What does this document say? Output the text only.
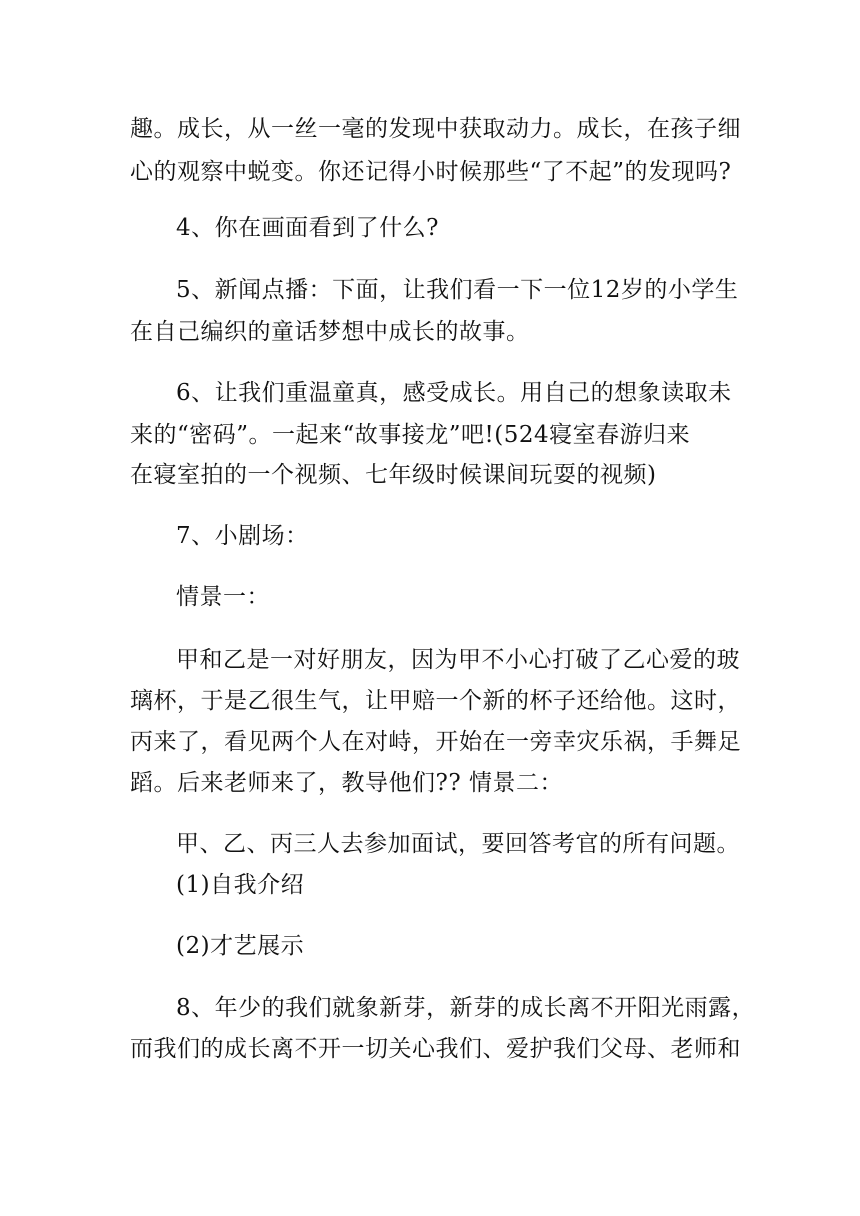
趣。成长，从一丝一毫的发现中获取动力。成长，在孩子细
心的观察中蜕变。你还记得小时候那些“了不起”的发现吗?
4、你在画面看到了什么?
5、新闻点播：下面，让我们看一下一位12岁的小学生
在自己编织的童话梦想中成长的故事。
6、让我们重温童真，感受成长。用自己的想象读取未
来的“密码”。一起来“故事接龙”吧!(524寝室春游归来
在寝室拍的一个视频、七年级时候课间玩耍的视频)
7、小剧场：
情景一：
甲和乙是一对好朋友，因为甲不小心打破了乙心爱的玻
璃杯，于是乙很生气，让甲赔一个新的杯子还给他。这时，
丙来了，看见两个人在对峙，开始在一旁幸灾乐祸，手舞足
蹈。后来老师来了，教导他们?? 情景二：
甲、乙、丙三人去参加面试，要回答考官的所有问题。
(1)自我介绍
(2)才艺展示
8、年少的我们就象新芽，新芽的成长离不开阳光雨露，
而我们的成长离不开一切关心我们、爱护我们父母、老师和
